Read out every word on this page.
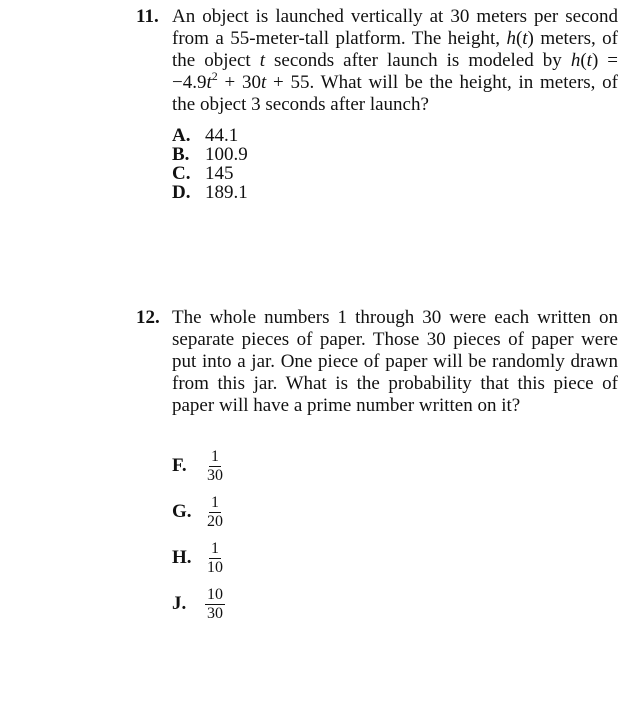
11. An object is launched vertically at 30 meters per second from a 55-meter-tall platform. The height, h(t) meters, of the object t seconds after launch is modeled by $h(t) = -4.9t^2 + 30t + 55$. What will be the height, in meters, of the object 3 seconds after launch?
A. 44.1
B. 100.9
C. 145
D. 189.1
12. The whole numbers 1 through 30 were each written on separate pieces of paper. Those 30 pieces of paper were put into a jar. One piece of paper will be randomly drawn from this jar. What is the probability that this piece of paper will have a prime number written on it?
F.	$\frac{1}{30}$
G. $\frac{1}{20}$
H. $\frac{1}{10}$
J.	$\frac{10}{30}$
